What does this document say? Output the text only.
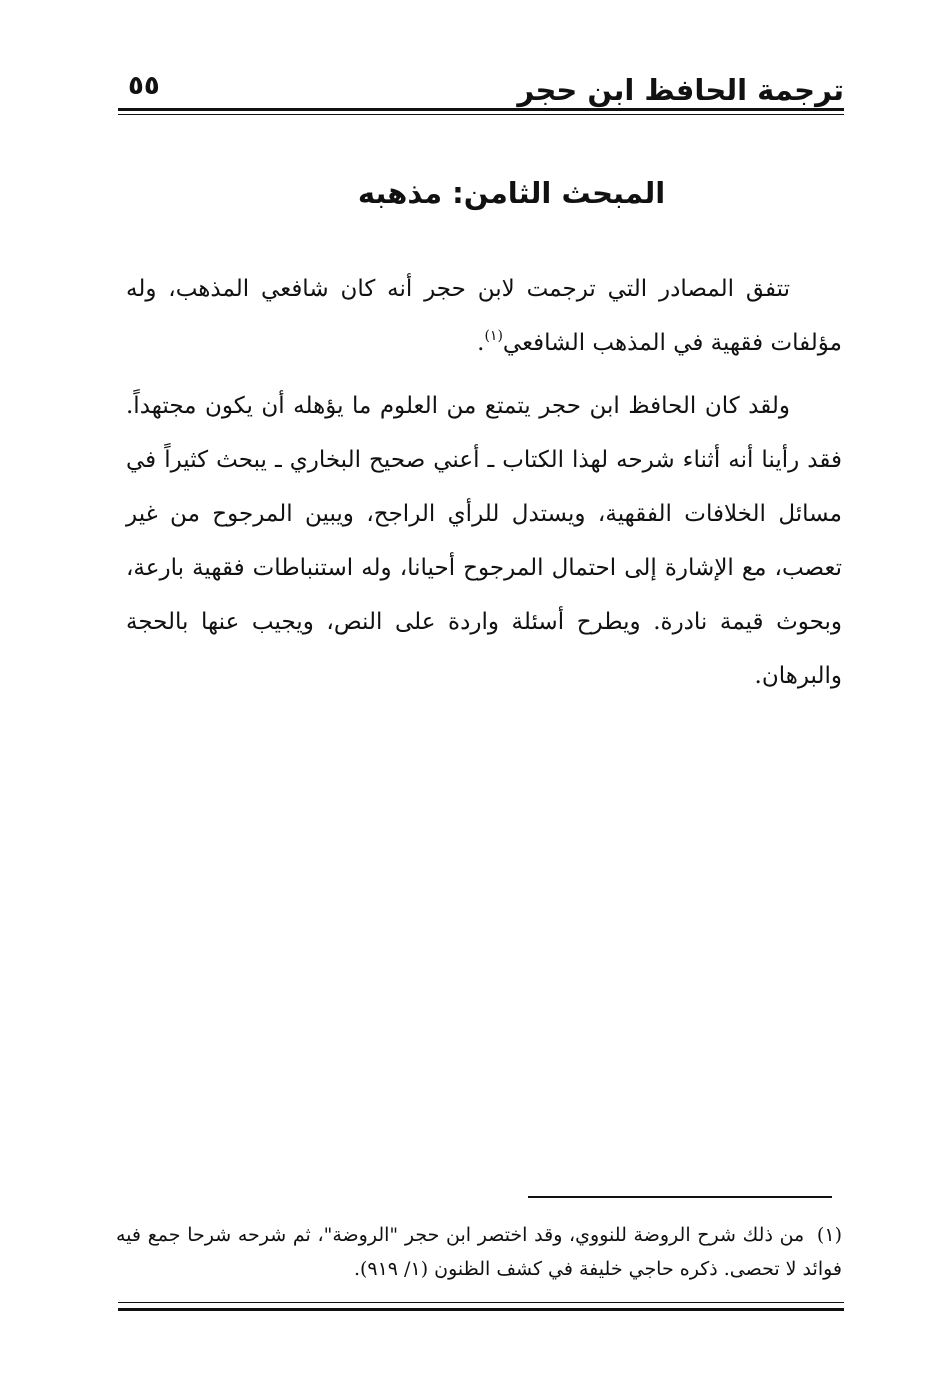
ترجمة الحافظ ابن حجر
٥٥
المبحث الثامن: مذهبه

تتفق المصادر التي ترجمت لابن حجر أنه كان شافعي المذهب، وله مؤلفات فقهية في المذهب الشافعي$^{(١)}$.

ولقد كان الحافظ ابن حجر يتمتع من العلوم ما يؤهله أن يكون مجتهداً. فقد رأينا أنه أثناء شرحه لهذا الكتاب ـ أعني صحيح البخاري ـ يبحث كثيراً في مسائل الخلافات الفقهية، ويستدل للرأي الراجح، ويبين المرجوح من غير تعصب، مع الإشارة إلى احتمال المرجوح أحيانا، وله استنباطات فقهية بارعة، وبحوث قيمة نادرة. ويطرح أسئلة واردة على النص، ويجيب عنها بالحجة والبرهان.

(١) من ذلك شرح الروضة للنووي، وقد اختصر ابن حجر "الروضة"، ثم شرحه شرحا جمع فيه فوائد لا تحصى. ذكره حاجي خليفة في كشف الظنون (١/ ٩١٩).
